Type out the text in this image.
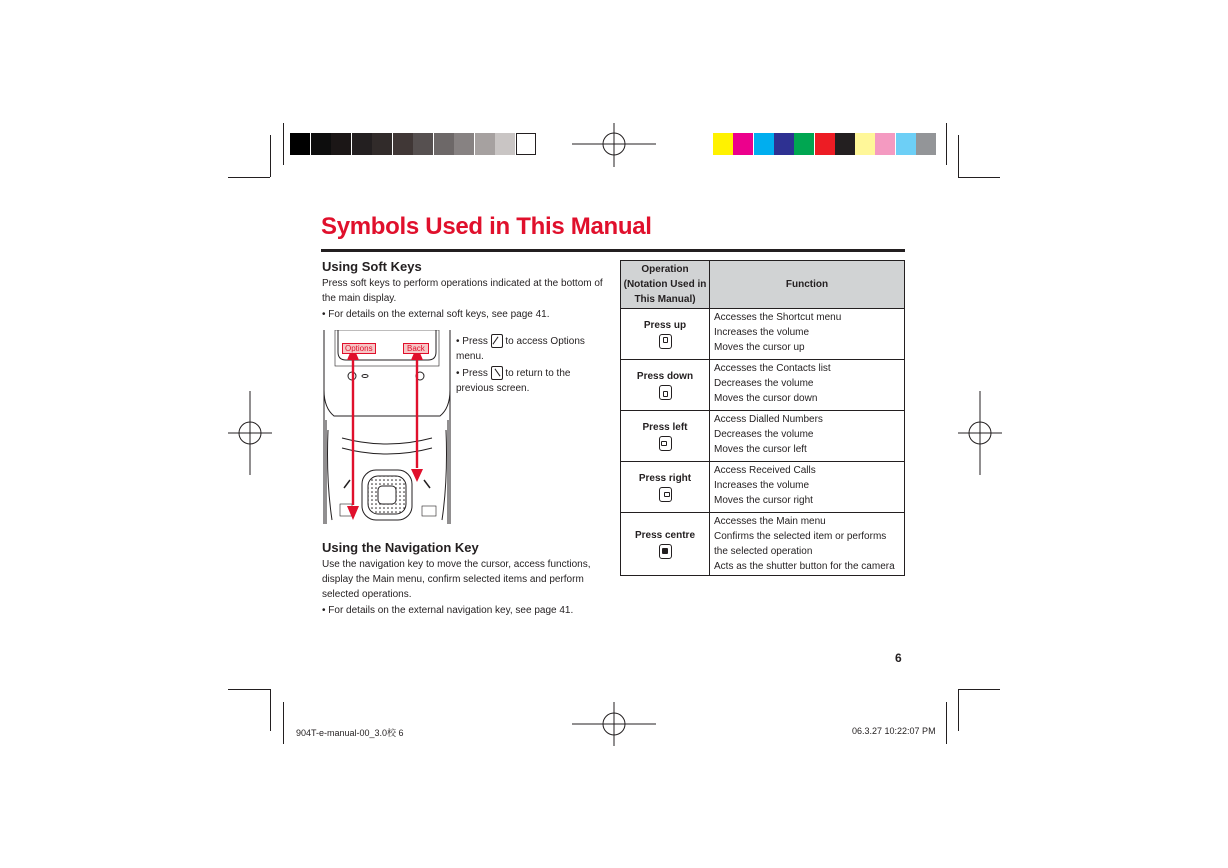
Symbols Used in This Manual
Using Soft Keys

Press soft keys to perform operations indicated at the bottom of the main display.

• For details on the external soft keys, see page 41.
Options	Back
• Press
to access Options menu.
• Press
to return to the previous screen.
Using the Navigation Key

Use the navigation key to move the cursor, access functions, display the Main menu, confirm selected items and perform selected operations.

• For details on the external navigation key, see page 41.
Operation (Notation Used in This Manual)	Function

Press up	Accesses the Shortcut menu
Increases the volume
Moves the cursor up

Press down	Accesses the Contacts list
Decreases the volume
Moves the cursor down

Press left	Access Dialled Numbers
Decreases the volume
Moves the cursor left

Press right	Access Received Calls
Increases the volume
Moves the cursor right

Press centre	Accesses the Main menu
Confirms the selected item or performs the selected operation
Acts as the shutter button for the camera
6
904T-e-manual-00_3.0校 6	06.3.27 10:22:07 PM
